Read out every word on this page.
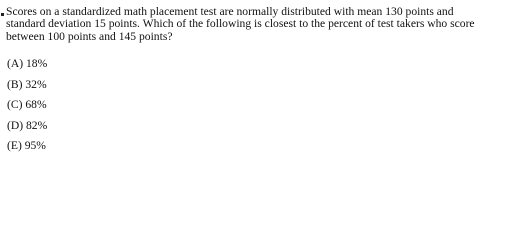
Scores on a standardized math placement test are normally distributed with mean 130 points and
standard deviation 15 points. Which of the following is closest to the percent of test takers who score
between 100 points and 145 points?
(A) 18%
(B) 32%
(C) 68%
(D) 82%
(E) 95%
